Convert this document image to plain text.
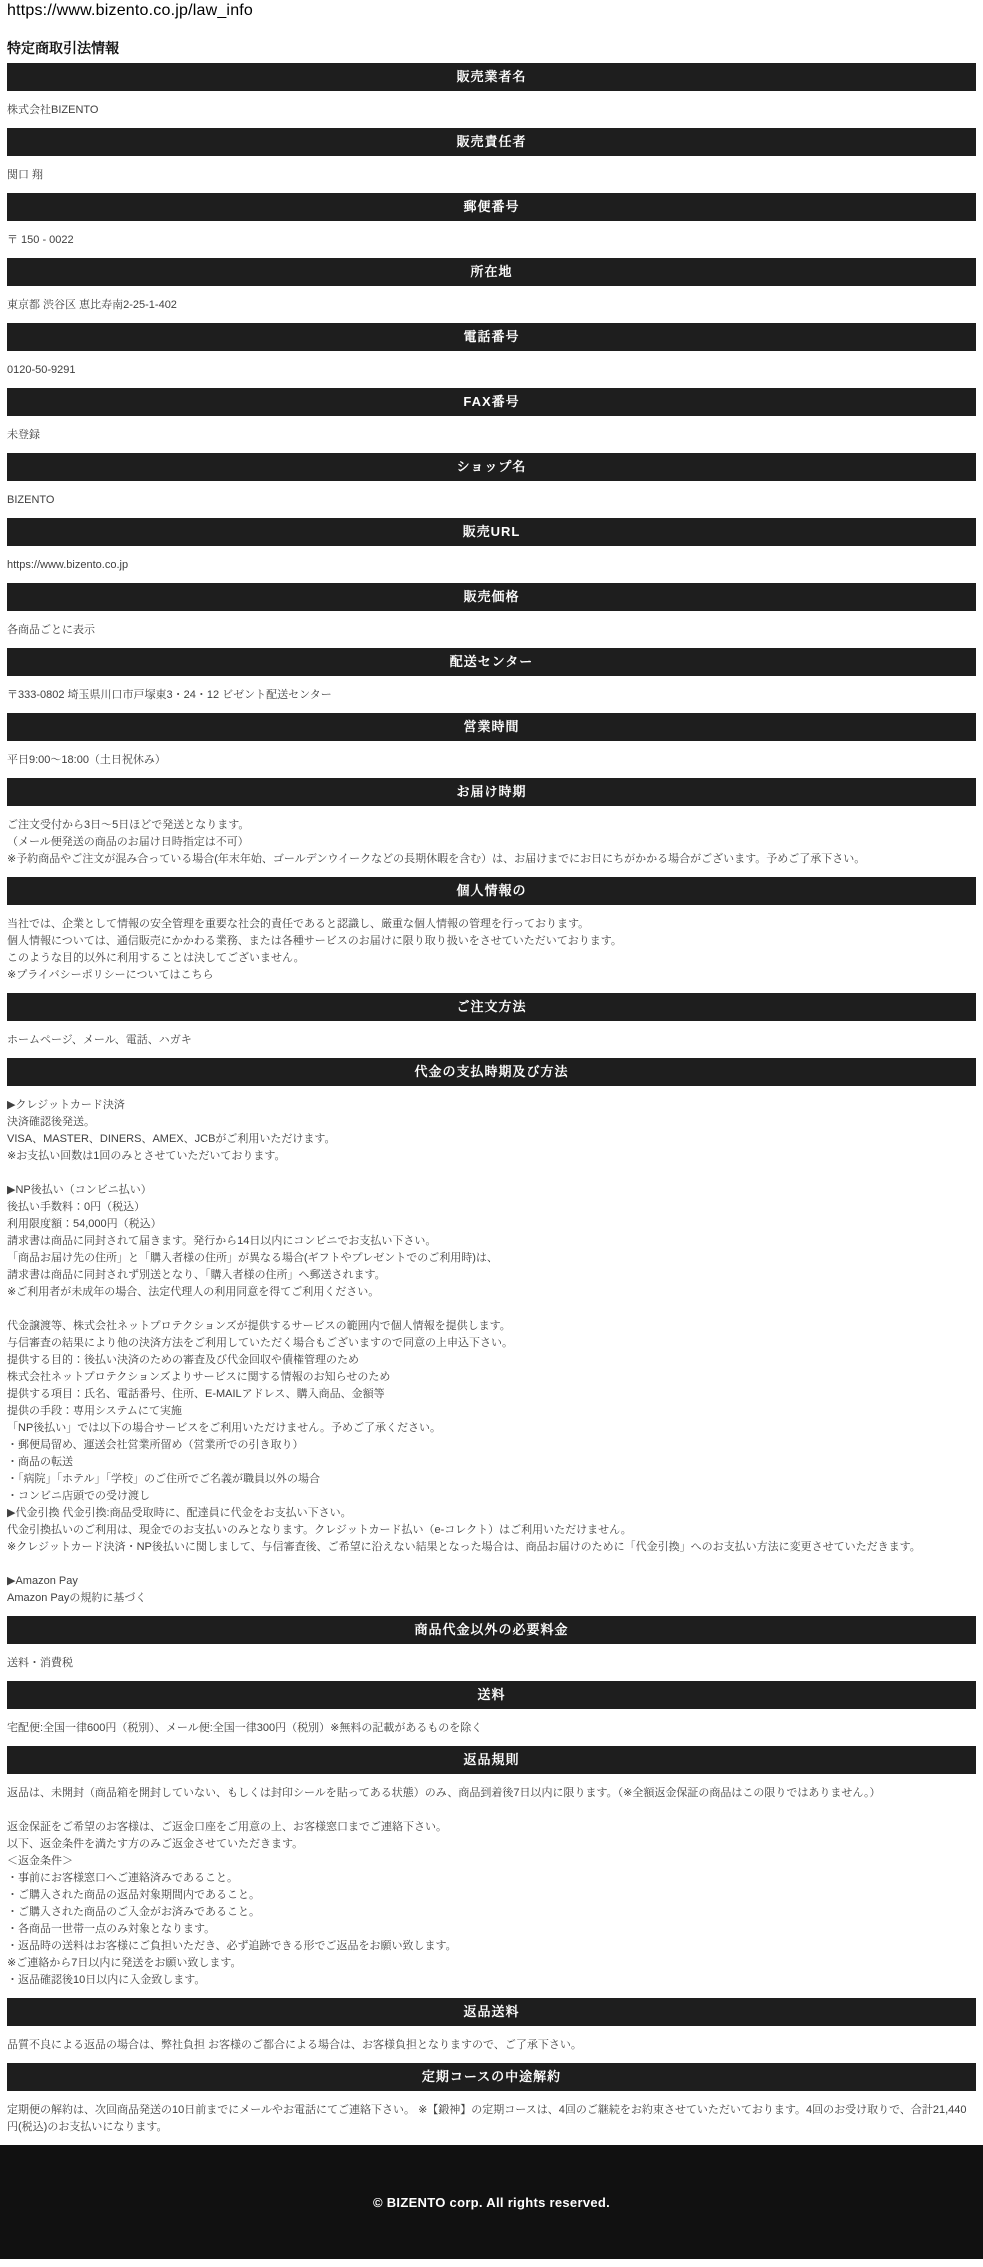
https://www.bizento.co.jp/law_info
特定商取引法情報
販売業者名
株式会社BIZENTO
販売責任者
関口 翔
郵便番号
〒 150 - 0022
所在地
東京都 渋谷区 恵比寿南2-25-1-402
電話番号
0120-50-9291
FAX番号
未登録
ショップ名
BIZENTO
販売URL
https://www.bizento.co.jp
販売価格
各商品ごとに表示
配送センター
〒333-0802 埼玉県川口市戸塚東3・24・12 ビゼント配送センター
営業時間
平日9:00〜18:00（土日祝休み）
お届け時期
ご注文受付から3日〜5日ほどで発送となります。
（メール便発送の商品のお届け日時指定は不可）
※予約商品やご注文が混み合っている場合(年末年始、ゴールデンウイークなどの長期休暇を含む）は、お届けまでにお日にちがかかる場合がございます。予めご了承下さい。
個人情報の
当社では、企業として情報の安全管理を重要な社会的責任であると認識し、厳重な個人情報の管理を行っております。
個人情報については、通信販売にかかわる業務、または各種サービスのお届けに限り取り扱いをさせていただいております。
このような目的以外に利用することは決してございません。
※プライバシーポリシーについてはこちら
ご注文方法
ホームページ、メール、電話、ハガキ
代金の支払時期及び方法
▶クレジットカード決済
決済確認後発送。
VISA、MASTER、DINERS、AMEX、JCBがご利用いただけます。
※お支払い回数は1回のみとさせていただいております。

▶NP後払い（コンビニ払い）
後払い手数料：0円（税込）
利用限度額：54,000円（税込）
請求書は商品に同封されて届きます。発行から14日以内にコンビニでお支払い下さい。
「商品お届け先の住所」と「購入者様の住所」が異なる場合(ギフトやプレゼントでのご利用時)は、
請求書は商品に同封されず別送となり、「購入者様の住所」へ郵送されます。
※ご利用者が未成年の場合、法定代理人の利用同意を得てご利用ください。

代金譲渡等、株式会社ネットプロテクションズが提供するサービスの範囲内で個人情報を提供します。
与信審査の結果により他の決済方法をご利用していただく場合もございますので同意の上申込下さい。
提供する目的：後払い決済のための審査及び代金回収や債権管理のため
株式会社ネットプロテクションズよりサービスに関する情報のお知らせのため
提供する項目：氏名、電話番号、住所、E-MAILアドレス、購入商品、金額等
提供の手段：専用システムにて実施
「NP後払い」では以下の場合サービスをご利用いただけません。予めご了承ください。
・郵便局留め、運送会社営業所留め（営業所での引き取り）
・商品の転送
・「病院」「ホテル」「学校」のご住所でご名義が職員以外の場合
・コンビニ店頭での受け渡し
▶代金引換 代金引換:商品受取時に、配達員に代金をお支払い下さい。
代金引換払いのご利用は、現金でのお支払いのみとなります。クレジットカード払い（e-コレクト）はご利用いただけません。
※クレジットカード決済・NP後払いに関しまして、与信審査後、ご希望に沿えない結果となった場合は、商品お届けのために「代金引換」へのお支払い方法に変更させていただきます。

▶Amazon Pay
Amazon Payの規約に基づく
商品代金以外の必要料金
送料・消費税
送料
宅配便:全国一律600円（税別）、メール便:全国一律300円（税別）※無料の記載があるものを除く
返品規則
返品は、未開封（商品箱を開封していない、もしくは封印シールを貼ってある状態）のみ、商品到着後7日以内に限ります。（※全額返金保証の商品はこの限りではありません。）

返金保証をご希望のお客様は、ご返金口座をご用意の上、お客様窓口までご連絡下さい。
以下、返金条件を満たす方のみご返金させていただきます。
＜返金条件＞
・事前にお客様窓口へご連絡済みであること。
・ご購入された商品の返品対象期間内であること。
・ご購入された商品のご入金がお済みであること。
・各商品一世帯一点のみ対象となります。
・返品時の送料はお客様にご負担いただき、必ず追跡できる形でご返品をお願い致します。
※ご連絡から7日以内に発送をお願い致します。
・返品確認後10日以内に入金致します。
返品送料
品質不良による返品の場合は、弊社負担 お客様のご都合による場合は、お客様負担となりますので、ご了承下さい。
定期コースの中途解約
定期便の解約は、次回商品発送の10日前までにメールやお電話にてご連絡下さい。 ※【鍛神】の定期コースは、4回のご継続をお約束させていただいております。4回のお受け取りで、合計21,440円(税込)のお支払いになります。
© BIZENTO corp. All rights reserved.
